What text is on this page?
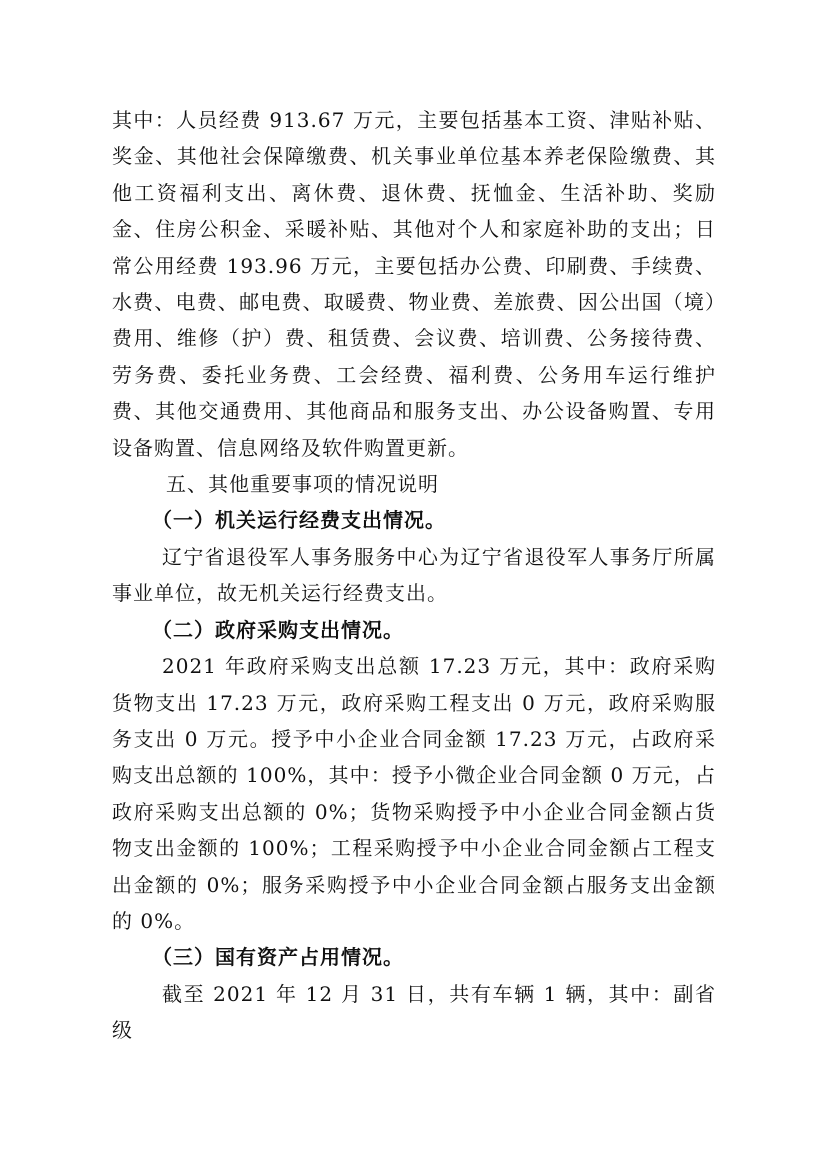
其中：人员经费 913.67 万元，主要包括基本工资、津贴补贴、奖金、其他社会保障缴费、机关事业单位基本养老保险缴费、其他工资福利支出、离休费、退休费、抚恤金、生活补助、奖励金、住房公积金、采暖补贴、其他对个人和家庭补助的支出；日常公用经费 193.96 万元，主要包括办公费、印刷费、手续费、水费、电费、邮电费、取暖费、物业费、差旅费、因公出国（境）费用、维修（护）费、租赁费、会议费、培训费、公务接待费、劳务费、委托业务费、工会经费、福利费、公务用车运行维护费、其他交通费用、其他商品和服务支出、办公设备购置、专用设备购置、信息网络及软件购置更新。

五、其他重要事项的情况说明

（一）机关运行经费支出情况。

辽宁省退役军人事务服务中心为辽宁省退役军人事务厅所属事业单位，故无机关运行经费支出。

（二）政府采购支出情况。

2021 年政府采购支出总额 17.23 万元，其中：政府采购货物支出 17.23 万元，政府采购工程支出 0 万元，政府采购服务支出 0 万元。授予中小企业合同金额 17.23 万元，占政府采购支出总额的 100%，其中：授予小微企业合同金额 0 万元，占政府采购支出总额的 0%；货物采购授予中小企业合同金额占货物支出金额的 100%；工程采购授予中小企业合同金额占工程支出金额的 0%；服务采购授予中小企业合同金额占服务支出金额的 0%。

（三）国有资产占用情况。

截至 2021 年 12 月 31 日，共有车辆 1 辆，其中：副省级
